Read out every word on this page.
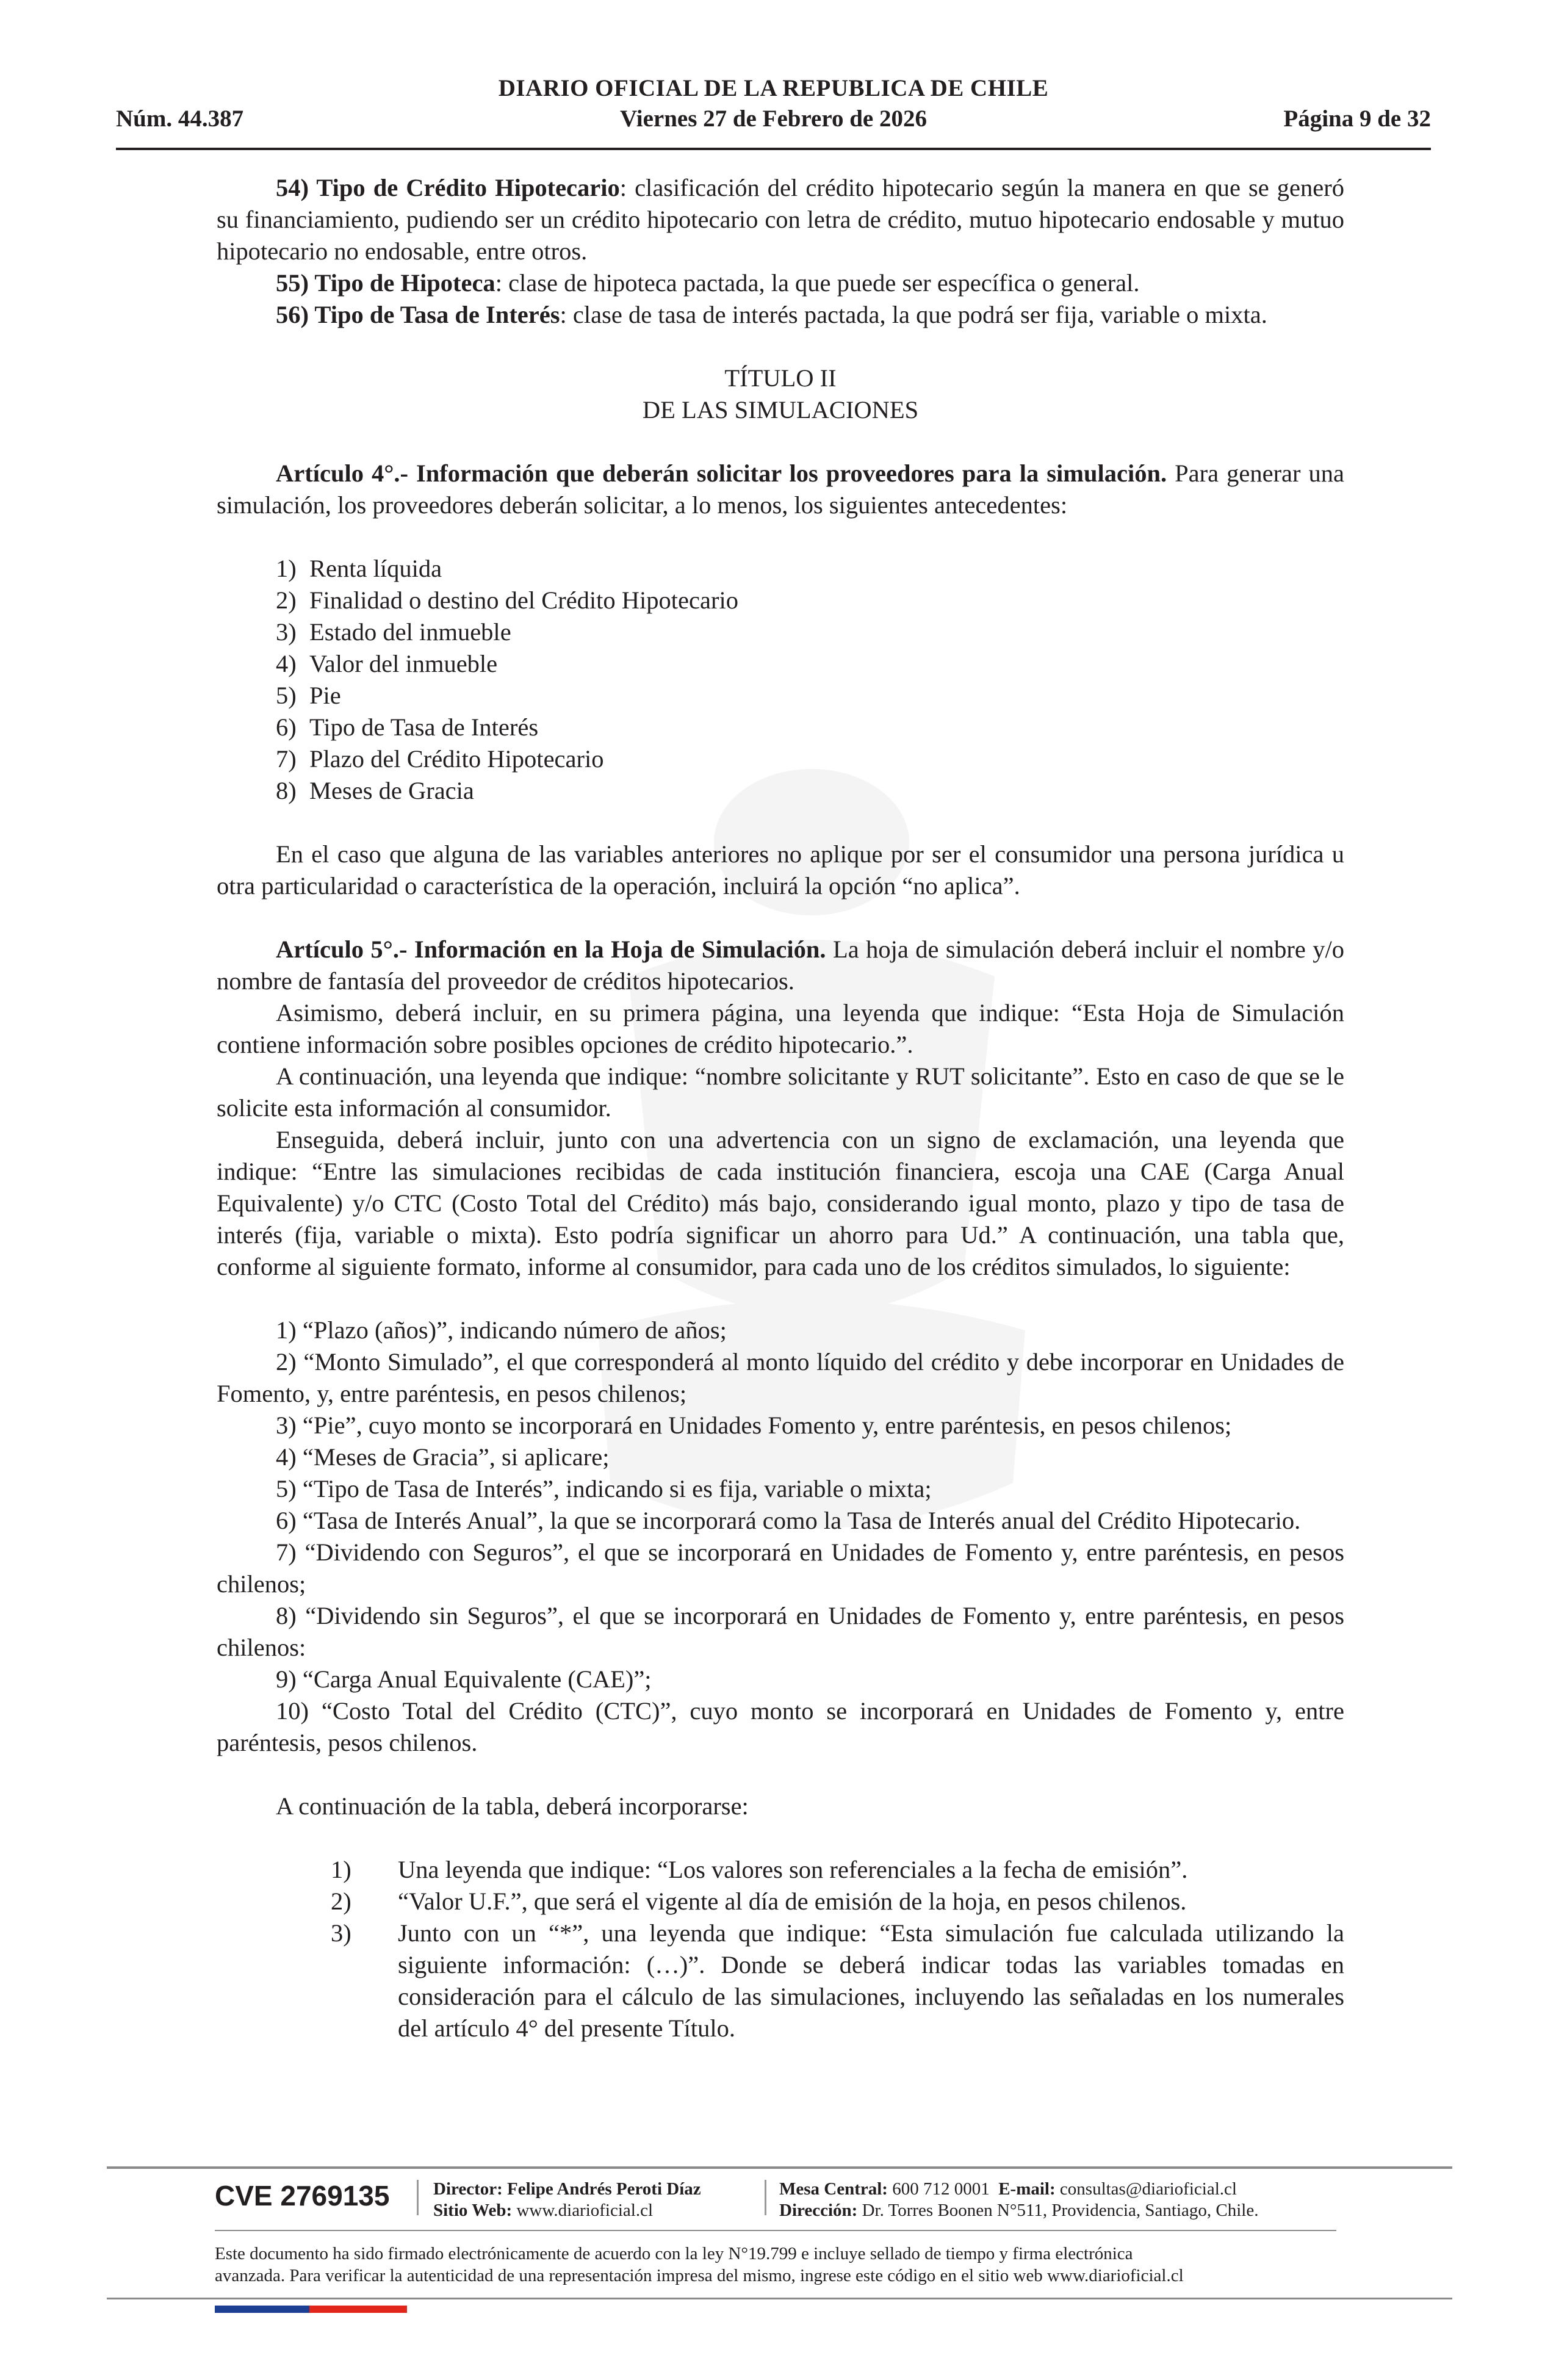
DIARIO OFICIAL DE LA REPUBLICA DE CHILE
Núm. 44.387	Viernes 27 de Febrero de 2026	Página 9 de 32

54) Tipo de Crédito Hipotecario: clasificación del crédito hipotecario según la manera en que se generó su financiamiento, pudiendo ser un crédito hipotecario con letra de crédito, mutuo hipotecario endosable y mutuo hipotecario no endosable, entre otros.

55) Tipo de Hipoteca: clase de hipoteca pactada, la que puede ser específica o general.

56) Tipo de Tasa de Interés: clase de tasa de interés pactada, la que podrá ser fija, variable o mixta.

TÍTULO II

DE LAS SIMULACIONES

Artículo 4°.- Información que deberán solicitar los proveedores para la simulación. Para generar una simulación, los proveedores deberán solicitar, a lo menos, los siguientes antecedentes:

1) Renta líquida
2) Finalidad o destino del Crédito Hipotecario
3) Estado del inmueble
4) Valor del inmueble
5) Pie
6) Tipo de Tasa de Interés
7) Plazo del Crédito Hipotecario
8) Meses de Gracia

En el caso que alguna de las variables anteriores no aplique por ser el consumidor una persona jurídica u otra particularidad o característica de la operación, incluirá la opción “no aplica”.

Artículo 5°.- Información en la Hoja de Simulación. La hoja de simulación deberá incluir el nombre y/o nombre de fantasía del proveedor de créditos hipotecarios.

Asimismo, deberá incluir, en su primera página, una leyenda que indique: “Esta Hoja de Simulación contiene información sobre posibles opciones de crédito hipotecario.”.

A continuación, una leyenda que indique: “nombre solicitante y RUT solicitante”. Esto en caso de que se le solicite esta información al consumidor.

Enseguida, deberá incluir, junto con una advertencia con un signo de exclamación, una leyenda que indique: “Entre las simulaciones recibidas de cada institución financiera, escoja una CAE (Carga Anual Equivalente) y/o CTC (Costo Total del Crédito) más bajo, considerando igual monto, plazo y tipo de tasa de interés (fija, variable o mixta). Esto podría significar un ahorro para Ud.” A continuación, una tabla que, conforme al siguiente formato, informe al consumidor, para cada uno de los créditos simulados, lo siguiente:

1) “Plazo (años)”, indicando número de años;

2) “Monto Simulado”, el que corresponderá al monto líquido del crédito y debe incorporar en Unidades de Fomento, y, entre paréntesis, en pesos chilenos;

3) “Pie”, cuyo monto se incorporará en Unidades Fomento y, entre paréntesis, en pesos chilenos;

4) “Meses de Gracia”, si aplicare;

5) “Tipo de Tasa de Interés”, indicando si es fija, variable o mixta;

6) “Tasa de Interés Anual”, la que se incorporará como la Tasa de Interés anual del Crédito Hipotecario.

7) “Dividendo con Seguros”, el que se incorporará en Unidades de Fomento y, entre paréntesis, en pesos chilenos;

8) “Dividendo sin Seguros”, el que se incorporará en Unidades de Fomento y, entre paréntesis, en pesos chilenos:

9) “Carga Anual Equivalente (CAE)”;

10) “Costo Total del Crédito (CTC)”, cuyo monto se incorporará en Unidades de Fomento y, entre paréntesis, pesos chilenos.

A continuación de la tabla, deberá incorporarse:

1)	Una leyenda que indique: “Los valores son referenciales a la fecha de emisión”.
2)	“Valor U.F.”, que será el vigente al día de emisión de la hoja, en pesos chilenos.
3)	Junto con un “*”, una leyenda que indique: “Esta simulación fue calculada utilizando la siguiente información: (…)”. Donde se deberá indicar todas las variables tomadas en consideración para el cálculo de las simulaciones, incluyendo las señaladas en los numerales del artículo 4° del presente Título.
CVE 2769135	Director: Felipe Andrés Peroti Díaz
Sitio Web: www.diarioficial.cl
Mesa Central: 600 712 0001 E-mail: consultas@diarioficial.cl
Dirección: Dr. Torres Boonen N°511, Providencia, Santiago, Chile.
Este documento ha sido firmado electrónicamente de acuerdo con la ley N°19.799 e incluye sellado de tiempo y firma electrónica
avanzada. Para verificar la autenticidad de una representación impresa del mismo, ingrese este código en el sitio web www.diarioficial.cl
